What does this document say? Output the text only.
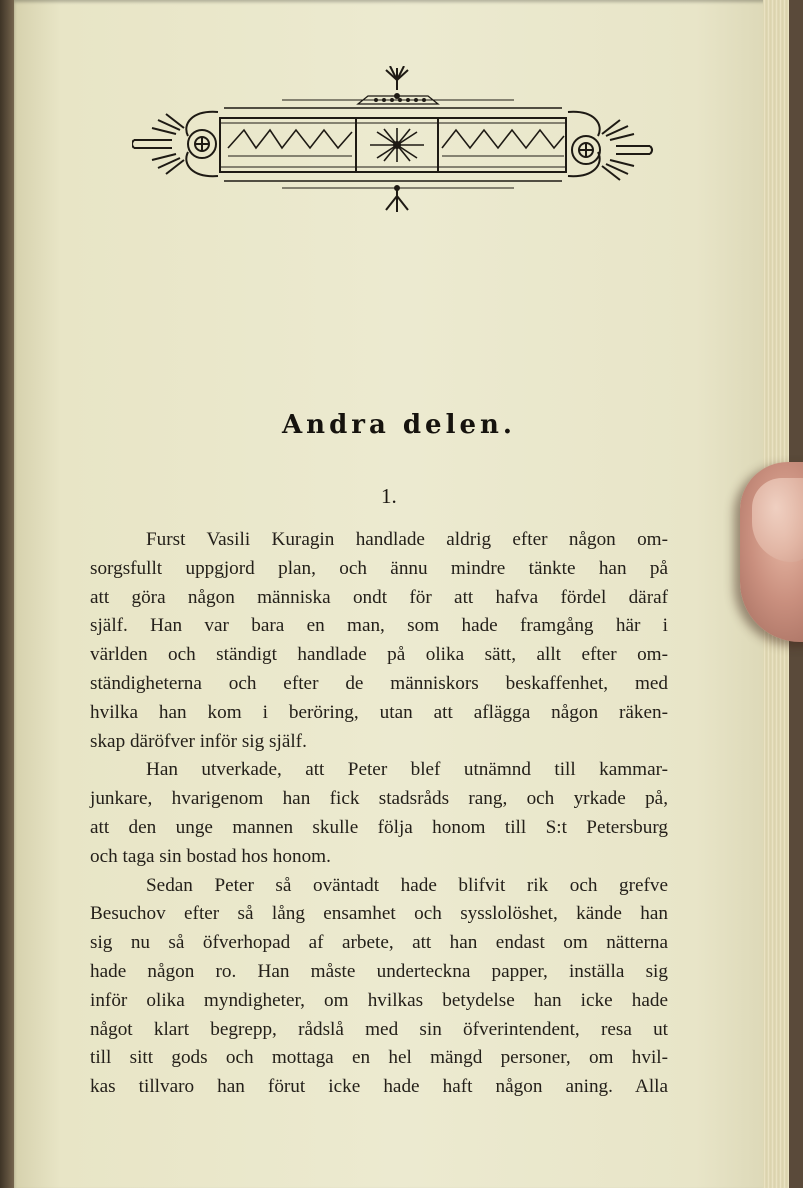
Andra delen.
1.
Furst Vasili Kuragin handlade aldrig efter någon om-
sorgsfullt uppgjord plan, och ännu mindre tänkte han på
att göra någon människa ondt för att hafva fördel däraf
själf. Han var bara en man, som hade framgång här i
världen och ständigt handlade på olika sätt, allt efter om-
ständigheterna och efter de människors beskaffenhet, med
hvilka han kom i beröring, utan att aflägga någon räken-
skap däröfver inför sig själf.
Han utverkade, att Peter blef utnämnd till kammar-
junkare, hvarigenom han fick stadsråds rang, och yrkade på,
att den unge mannen skulle följa honom till S:t Petersburg
och taga sin bostad hos honom.
Sedan Peter så oväntadt hade blifvit rik och grefve
Besuchov efter så lång ensamhet och sysslolöshet, kände han
sig nu så öfverhopad af arbete, att han endast om nätterna
hade någon ro. Han måste underteckna papper, inställa sig
inför olika myndigheter, om hvilkas betydelse han icke hade
något klart begrepp, rådslå med sin öfverintendent, resa ut
till sitt gods och mottaga en hel mängd personer, om hvil-
kas tillvaro han förut icke hade haft någon aning. Alla
